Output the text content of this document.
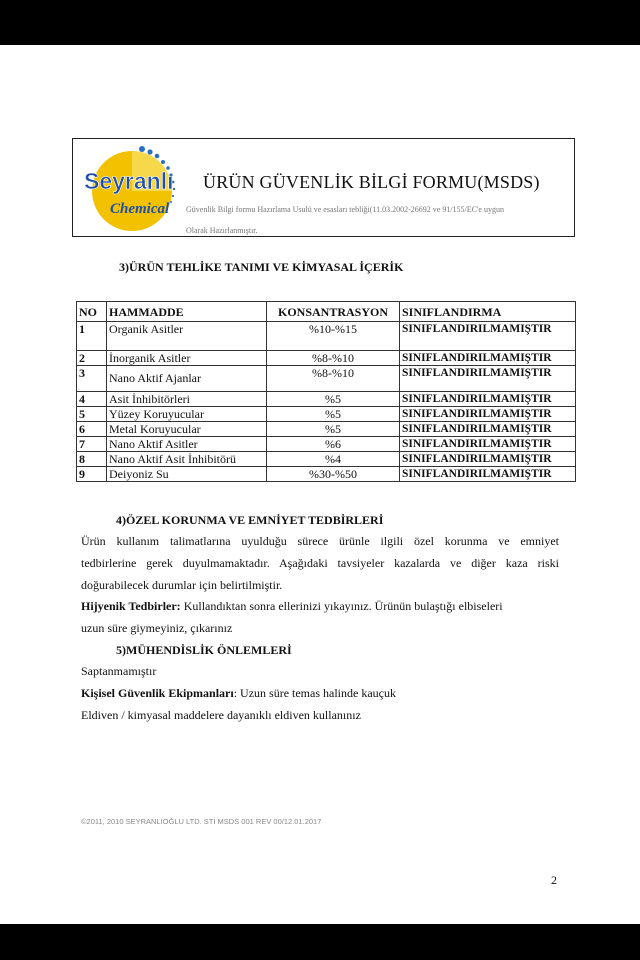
Seyranlı
Chemical
ÜRÜN GÜVENLİK BİLGİ FORMU(MSDS)
Güvenlik Bilgi formu Hazırlama Usulü ve esasları tebliği(11.03.2002-26692 ve 91/155/EC'e uygun
Olarak Hazırlanmıştır.
3)ÜRÜN TEHLİKE TANIMI VE KİMYASAL İÇERİK
NO	HAMMADDE	KONSANTRASYON	SINIFLANDIRMA
1	Organik Asitler	%10-%15	SINIFLANDIRILMAMIŞTIR
2	İnorganik Asitler	%8-%10	SINIFLANDIRILMAMIŞTIR
3	Nano Aktif Ajanlar	%8-%10	SINIFLANDIRILMAMIŞTIR
4	Asit İnhibitörleri	%5	SINIFLANDIRILMAMIŞTIR
5	Yüzey Koruyucular	%5	SINIFLANDIRILMAMIŞTIR
6	Metal Koruyucular	%5	SINIFLANDIRILMAMIŞTIR
7	Nano Aktif Asitler	%6	SINIFLANDIRILMAMIŞTIR
8	Nano Aktif Asit İnhibitörü	%4	SINIFLANDIRILMAMIŞTIR
9	Deiyoniz Su	%30-%50	SINIFLANDIRILMAMIŞTIR
4)ÖZEL KORUNMA VE EMNİYET TEDBİRLERİ
Ürün kullanım talimatlarına uyulduğu sürece ürünle ilgili özel korunma ve emniyet
tedbirlerine gerek duyulmamaktadır. Aşağıdaki tavsiyeler kazalarda ve diğer kaza riski
doğurabilecek durumlar için belirtilmiştir.
Hijyenik Tedbirler: Kullandıktan sonra ellerinizi yıkayınız. Ürünün bulaştığı elbiseleri
uzun süre giymeyiniz, çıkarınız
5)MÜHENDİSLİK ÖNLEMLERİ
Saptanmamıştır
Kişisel Güvenlik Ekipmanları: Uzun süre temas halinde kauçuk
Eldiven / kimyasal maddelere dayanıklı eldiven kullanınız
©2011, 2010 SEYRANLIOĞLU LTD. STİ MSDS 001 REV 00/12.01.2017
2
